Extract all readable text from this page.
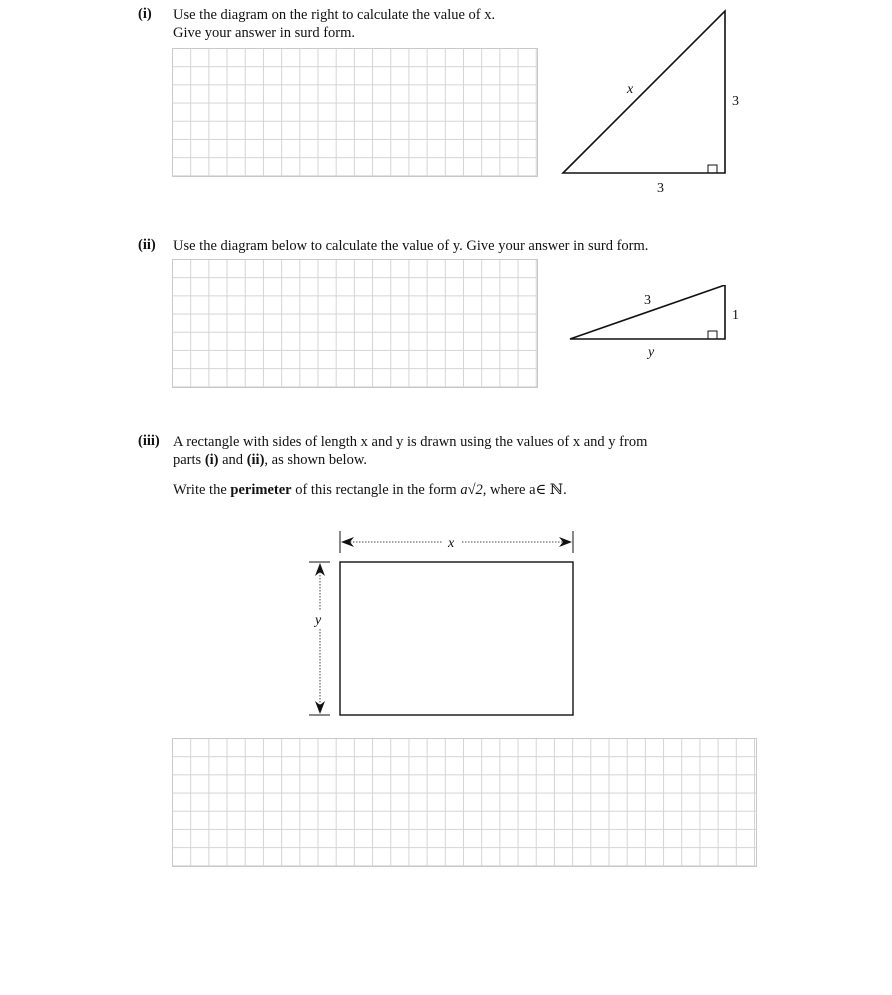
(i) Use the diagram on the right to calculate the value of x.
Give your answer in surd form.
x
3
3
(ii) Use the diagram below to calculate the value of y. Give your answer in surd form.
3
1
y
(iii) A rectangle with sides of length x and y is drawn using the values of x and y from
parts (i) and (ii), as shown below.
Write the perimeter of this rectangle in the form a√2, where a∈ ℕ.
x
y
